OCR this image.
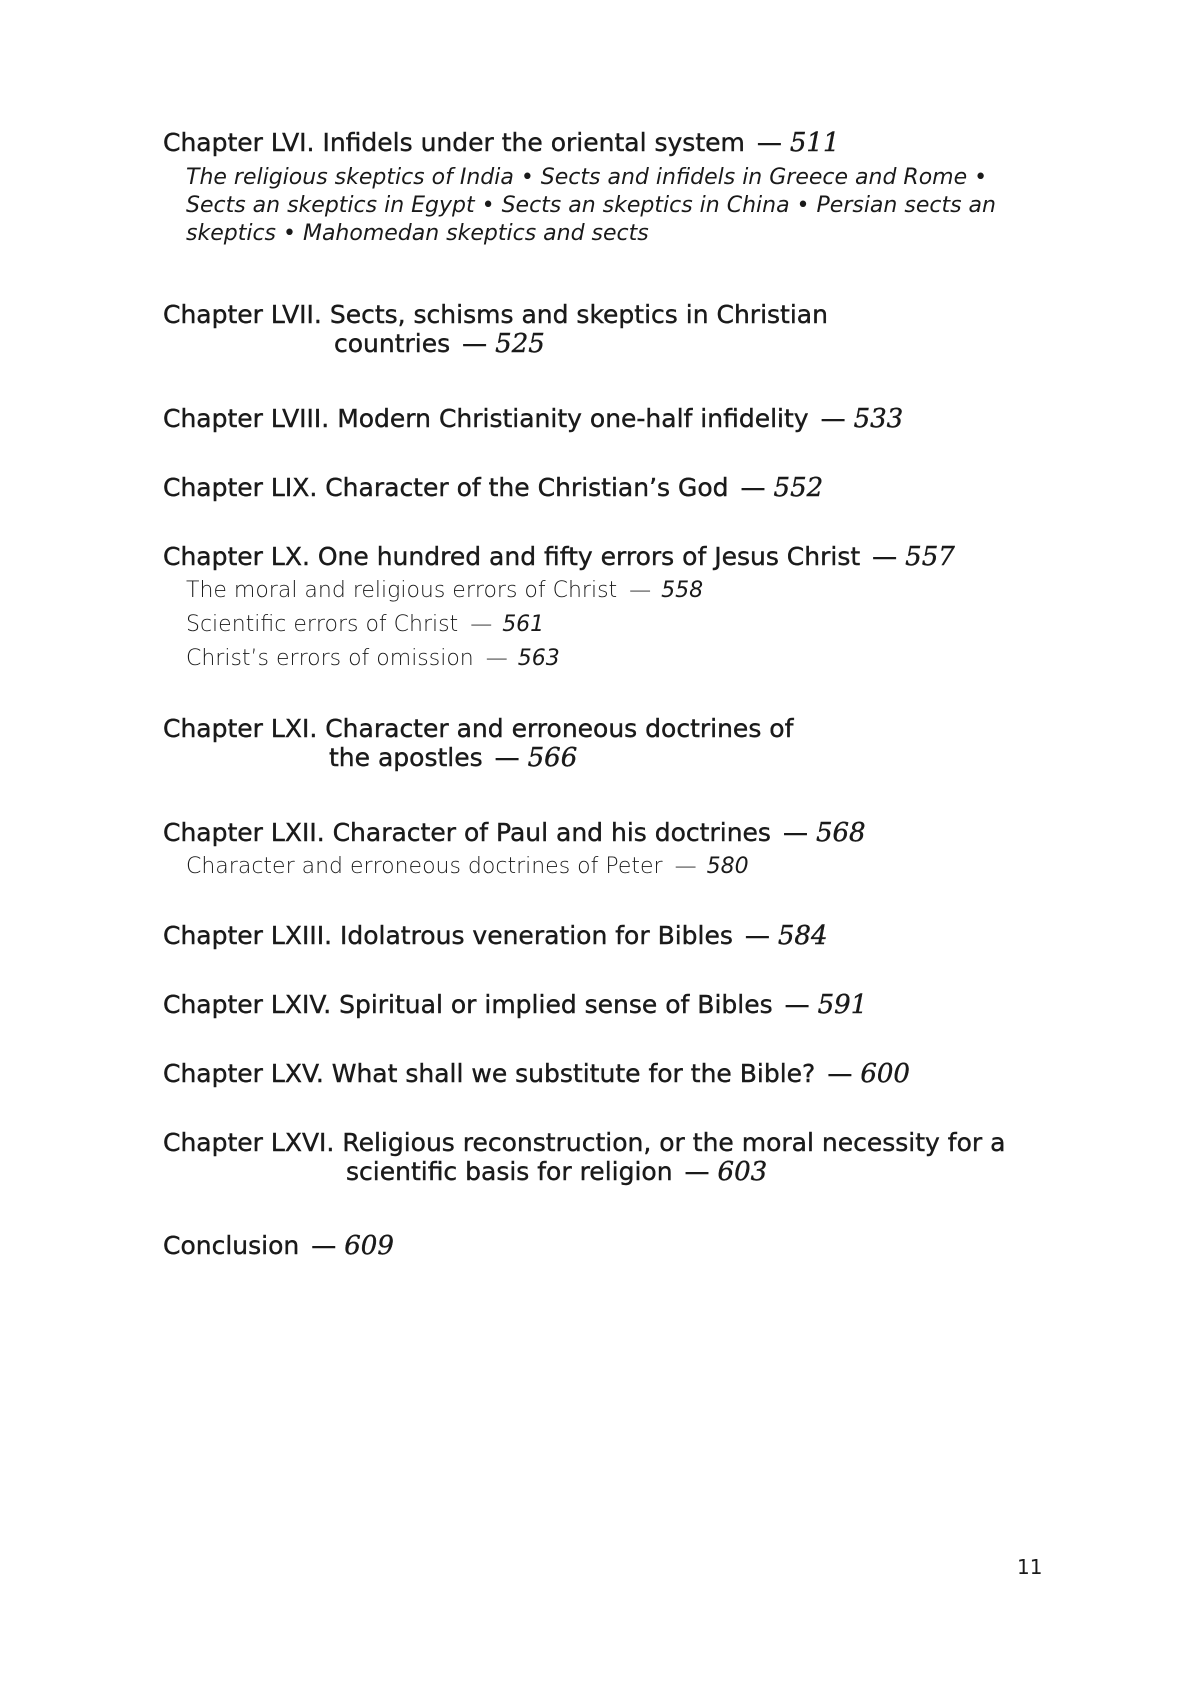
Chapter LVI. Infidels under the oriental system — 511
The religious skeptics of India • Sects and infidels in Greece and Rome • Sects an skeptics in Egypt • Sects an skeptics in China • Persian sects an skeptics • Mahomedan skeptics and sects
Chapter LVII. Sects, schisms and skeptics in Christian
countries — 525
Chapter LVIII. Modern Christianity one-half infidelity — 533
Chapter LIX. Character of the Christian’s God — 552
Chapter LX. One hundred and fifty errors of Jesus Christ — 557
The moral and religious errors of Christ — 558
Scientific errors of Christ — 561
Christ’s errors of omission — 563
Chapter LXI. Character and erroneous doctrines of
the apostles — 566
Chapter LXII. Character of Paul and his doctrines — 568
Character and erroneous doctrines of Peter — 580
Chapter LXIII. Idolatrous veneration for Bibles — 584
Chapter LXIV. Spiritual or implied sense of Bibles — 591
Chapter LXV. What shall we substitute for the Bible? — 600
Chapter LXVI. Religious reconstruction, or the moral necessity for a
scientific basis for religion — 603
Conclusion — 609
11
